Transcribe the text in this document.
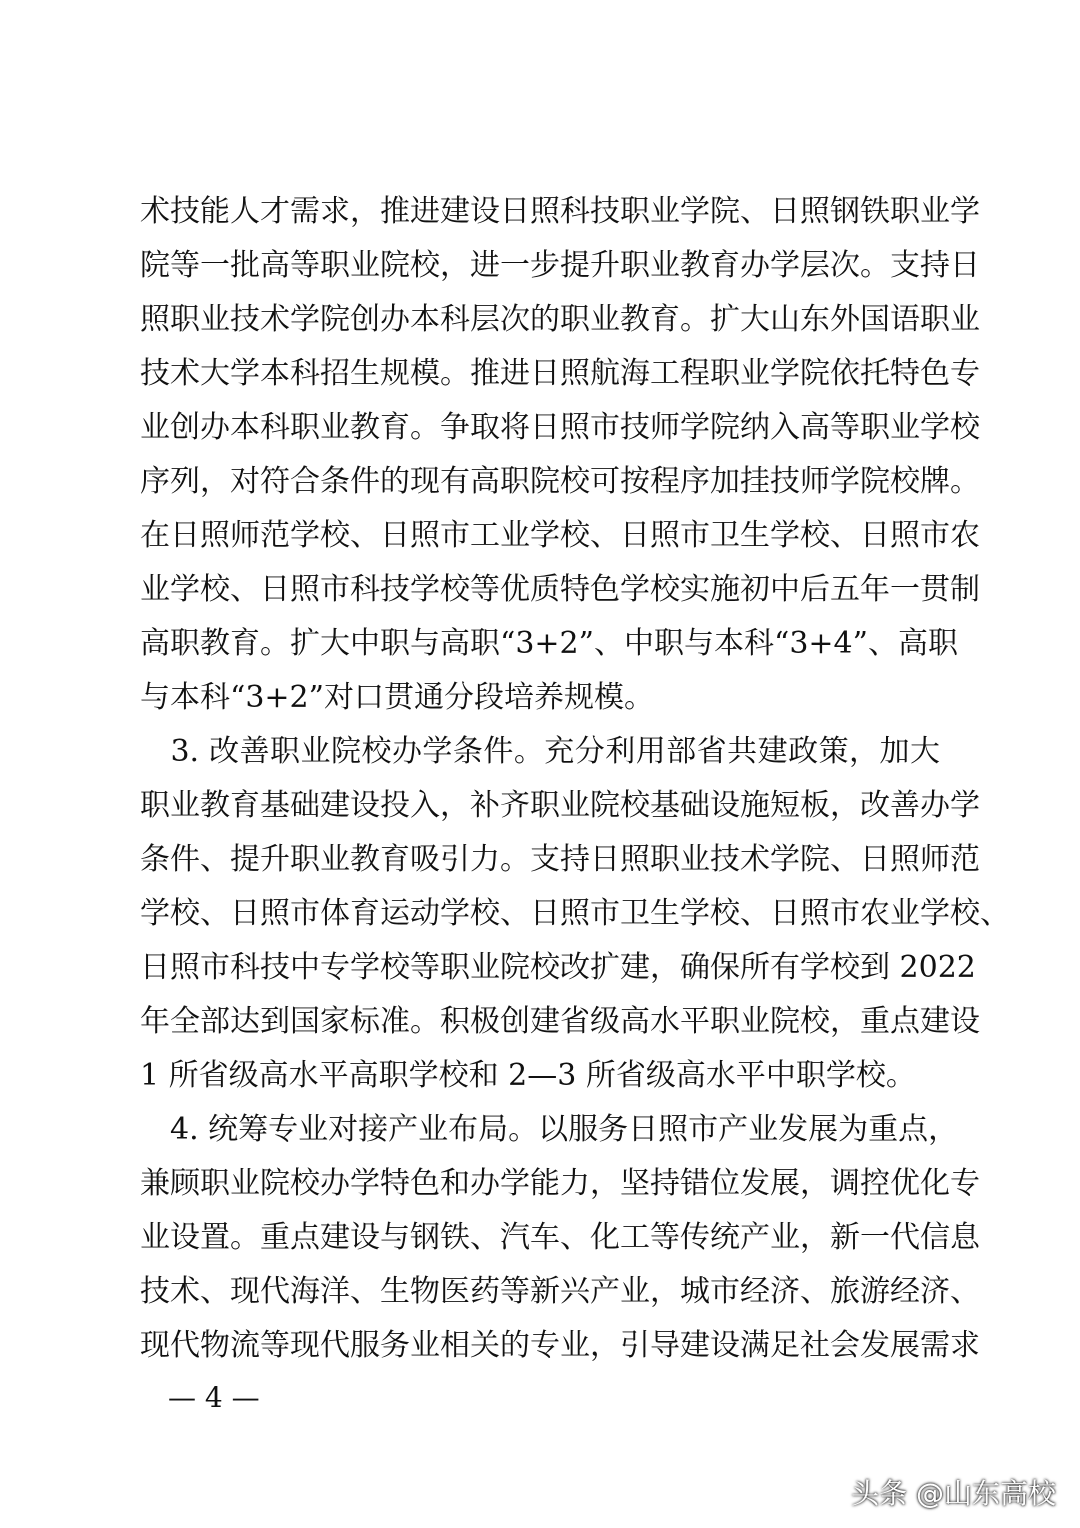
术技能人才需求，推进建设日照科技职业学院、日照钢铁职业学
院等一批高等职业院校，进一步提升职业教育办学层次。支持日
照职业技术学院创办本科层次的职业教育。扩大山东外国语职业
技术大学本科招生规模。推进日照航海工程职业学院依托特色专
业创办本科职业教育。争取将日照市技师学院纳入高等职业学校
序列，对符合条件的现有高职院校可按程序加挂技师学院校牌。
在日照师范学校、日照市工业学校、日照市卫生学校、日照市农
业学校、日照市科技学校等优质特色学校实施初中后五年一贯制
高职教育。扩大中职与高职“3+2”、中职与本科“3+4”、高职
与本科“3+2”对口贯通分段培养规模。
　3. 改善职业院校办学条件。充分利用部省共建政策，加大
职业教育基础建设投入，补齐职业院校基础设施短板，改善办学
条件、提升职业教育吸引力。支持日照职业技术学院、日照师范
学校、日照市体育运动学校、日照市卫生学校、日照市农业学校、
日照市科技中专学校等职业院校改扩建，确保所有学校到 2022
年全部达到国家标准。积极创建省级高水平职业院校，重点建设
1 所省级高水平高职学校和 2—3 所省级高水平中职学校。
　4. 统筹专业对接产业布局。以服务日照市产业发展为重点，
兼顾职业院校办学特色和办学能力，坚持错位发展，调控优化专
业设置。重点建设与钢铁、汽车、化工等传统产业，新一代信息
技术、现代海洋、生物医药等新兴产业，城市经济、旅游经济、
现代物流等现代服务业相关的专业，引导建设满足社会发展需求
— 4 —
头条 @山东高校
